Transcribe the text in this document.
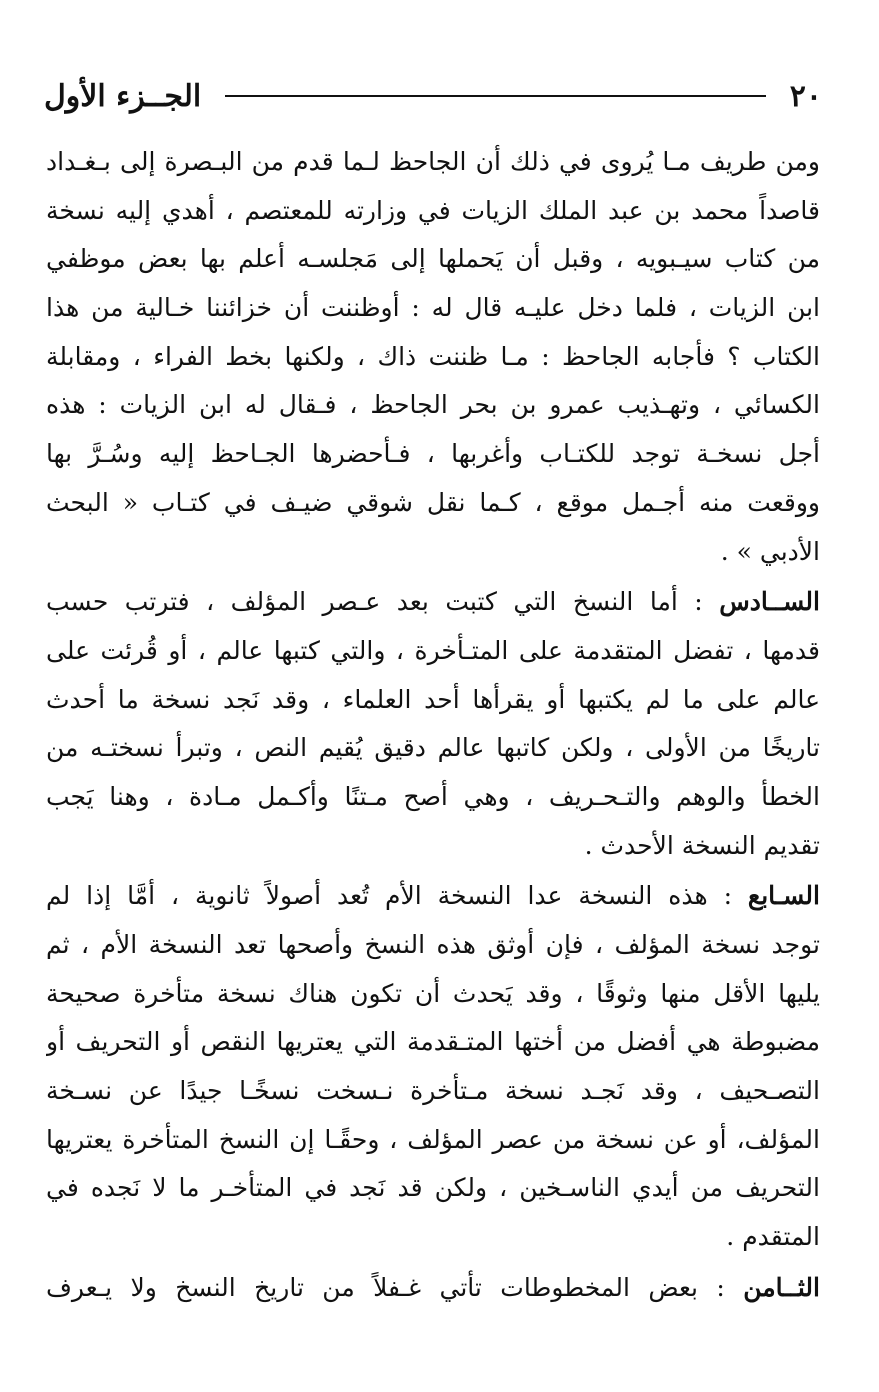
٢٠
الجــزء الأول
ومن طريف مـا يُروى في ذلك أن الجاحظ لـما قدم من البـصرة إلى بـغـداد
قاصداً محمد بن عبد الملك الزيات في وزارته للمعتصم ، أهدي إليه نسخة
من كتاب سيـبويه ، وقبل أن يَحملها إلى مَجلسـه أعلم بها بعض موظفي
ابن الزيات ، فلما دخل عليـه قال له : أوظننت أن خزائننا خـالية من هذا
الكتاب ؟ فأجابه الجاحظ : مـا ظننت ذاك ، ولكنها بخط الفراء ، ومقابلة
الكسائي ، وتهـذيب عمرو بن بحر الجاحظ ، فـقال له ابن الزيات : هذه
أجل نسخـة توجد للكتـاب وأغربها ، فـأحضرها الجـاحظ إليه وسُـرَّ بها
ووقعت منه أجـمل موقع ، كـما نقل شوقي ضيـف في كتـاب « البحث
الأدبي » .
الســادس : أما النسخ التي كتبت بعد عـصر المؤلف ، فترتب حسب
قدمها ، تفضل المتقدمة على المتـأخرة ، والتي كتبها عالم ، أو قُرئت على
عالم على ما لم يكتبها أو يقرأها أحد العلماء ، وقد نَجد نسخة ما أحدث
تاريخًا من الأولى ، ولكن كاتبها عالم دقيق يُقيم النص ، وتبرأ نسختـه من
الخطأ والوهم والتـحـريف ، وهي أصح مـتنًا وأكـمل مـادة ، وهنا يَجب
تقديم النسخة الأحدث .
السـابع : هذه النسخة عدا النسخة الأم تُعد أصولاً ثانوية ، أمَّا إذا لم
توجد نسخة المؤلف ، فإن أوثق هذه النسخ وأصحها تعد النسخة الأم ، ثم
يليها الأقل منها وثوقًا ، وقد يَحدث أن تكون هناك نسخة متأخرة صحيحة
مضبوطة هي أفضل من أختها المتـقدمة التي يعتريها النقص أو التحريف أو
التصـحيف ، وقد نَجـد نسخة مـتأخرة نـسخت نسخًـا جيدًا عن نسـخة
المؤلف، أو عن نسخة من عصر المؤلف ، وحقًـا إن النسخ المتأخرة يعتريها
التحريف من أيدي الناسـخين ، ولكن قد نَجد في المتأخـر ما لا نَجده في
المتقدم .
الثــامن : بعض المخطوطات تأتي غـفلاً من تاريخ النسخ ولا يـعرف
